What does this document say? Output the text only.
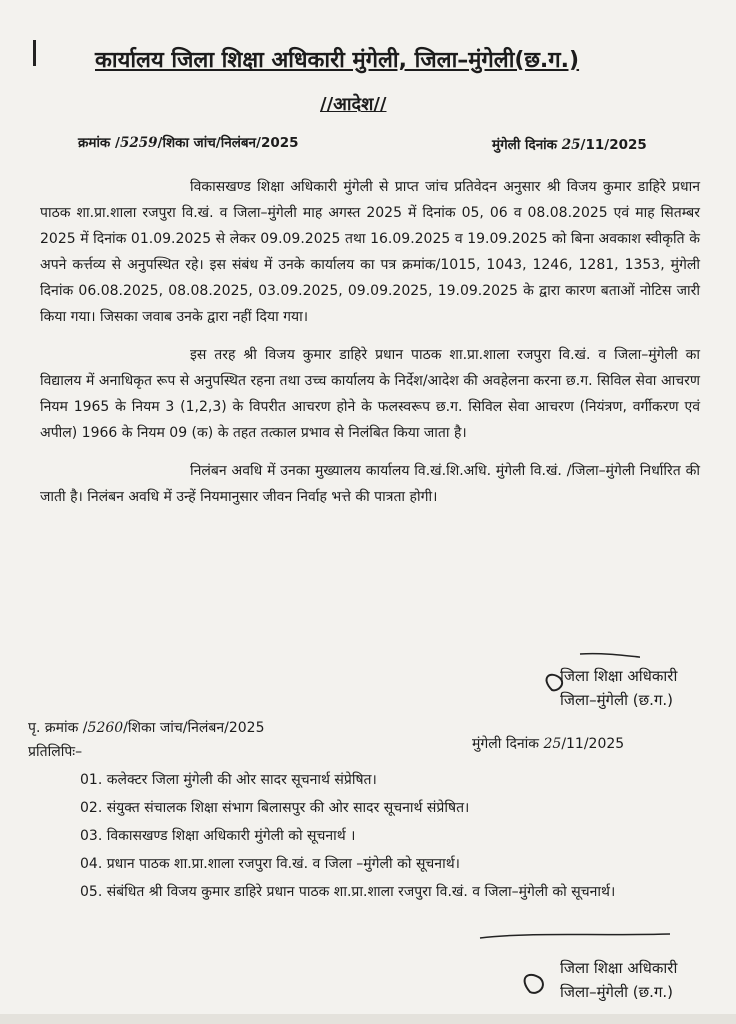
कार्यालय जिला शिक्षा अधिकारी मुंगेली, जिला–मुंगेली(छ.ग.)
//आदेश//
क्रमांक /5259/शिका जांच/निलंबन/2025	मुंगेली दिनांक 25/11/2025

विकासखण्ड शिक्षा अधिकारी मुंगेली से प्राप्त जांच प्रतिवेदन अनुसार श्री विजय कुमार डाहिरे प्रधान पाठक शा.प्रा.शाला रजपुरा वि.खं. व जिला–मुंगेली माह अगस्त 2025 में दिनांक 05, 06 व 08.08.2025 एवं माह सितम्बर 2025 में दिनांक 01.09.2025 से लेकर 09.09.2025 तथा 16.09.2025 व 19.09.2025 को बिना अवकाश स्वीकृति के अपने कर्त्तव्य से अनुपस्थित रहे। इस संबंध में उनके कार्यालय का पत्र क्रमांक/1015, 1043, 1246, 1281, 1353, मुंगेली दिनांक 06.08.2025, 08.08.2025, 03.09.2025, 09.09.2025, 19.09.2025 के द्वारा कारण बताओं नोटिस जारी किया गया। जिसका जवाब उनके द्वारा नहीं दिया गया।

इस तरह श्री विजय कुमार डाहिरे प्रधान पाठक शा.प्रा.शाला रजपुरा वि.खं. व जिला–मुंगेली का विद्यालय में अनाधिकृत रूप से अनुपस्थित रहना तथा उच्च कार्यालय के निर्देश/आदेश की अवहेलना करना छ.ग. सिविल सेवा आचरण नियम 1965 के नियम 3 (1,2,3) के विपरीत आचरण होने के फलस्वरूप छ.ग. सिविल सेवा आचरण (नियंत्रण, वर्गीकरण एवं अपील) 1966 के नियम 09 (क) के तहत तत्काल प्रभाव से निलंबित किया जाता है।

निलंबन अवधि में उनका मुख्यालय कार्यालय वि.खं.शि.अधि. मुंगेली वि.खं. /जिला–मुंगेली निर्धारित की जाती है। निलंबन अवधि में उन्हें नियमानुसार जीवन निर्वाह भत्ते की पात्रता होगी।

जिला शिक्षा अधिकारी
जिला–मुंगेली (छ.ग.)
पृ. क्रमांक /5260/शिका जांच/निलंबन/2025
मुंगेली दिनांक 25/11/2025
प्रतिलिपिः–
01. कलेक्टर जिला मुंगेली की ओर सादर सूचनार्थ संप्रेषित।
02. संयुक्त संचालक शिक्षा संभाग बिलासपुर की ओर सादर सूचनार्थ संप्रेषित।
03. विकासखण्ड शिक्षा अधिकारी मुंगेली को सूचनार्थ ।
04. प्रधान पाठक शा.प्रा.शाला रजपुरा वि.खं. व जिला –मुंगेली को सूचनार्थ।
05. संबंधित श्री विजय कुमार डाहिरे प्रधान पाठक शा.प्रा.शाला रजपुरा वि.खं. व जिला–मुंगेली को सूचनार्थ।
जिला शिक्षा अधिकारी
जिला–मुंगेली (छ.ग.)
